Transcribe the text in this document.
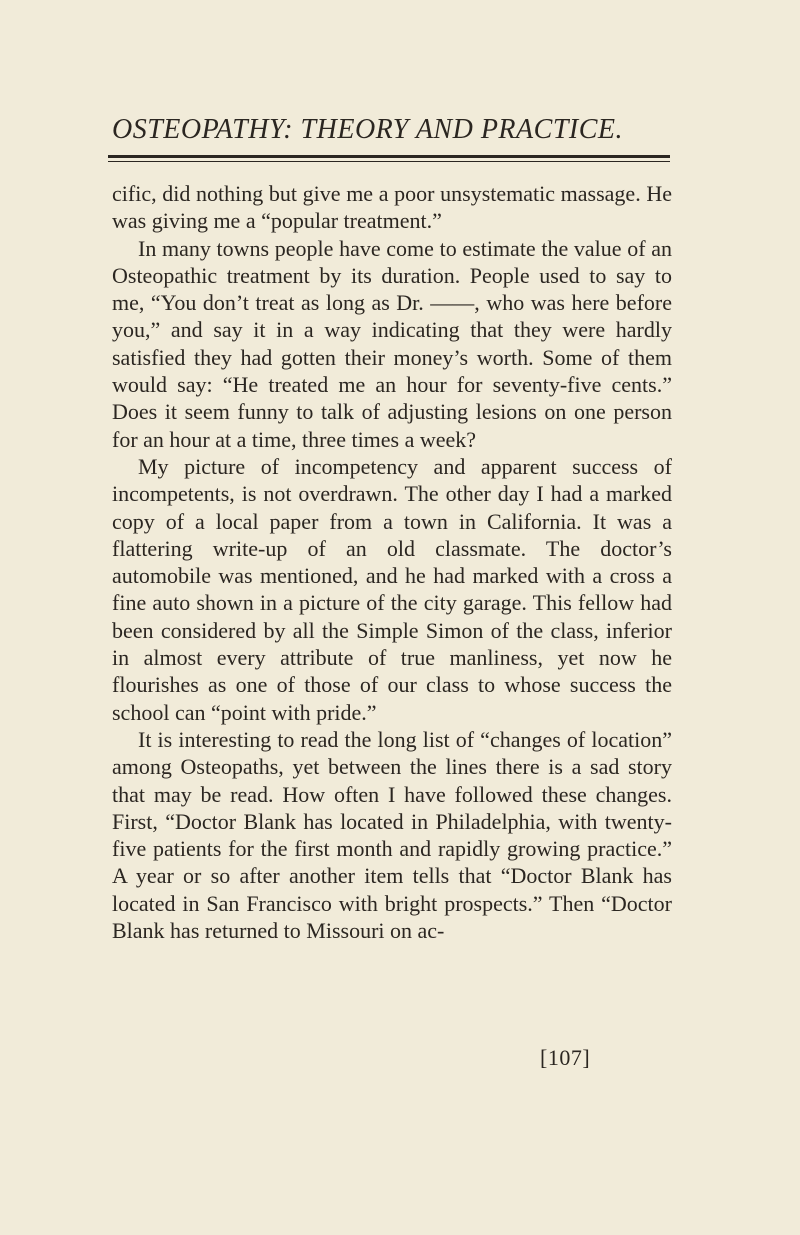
OSTEOPATHY: THEORY AND PRACTICE.

cific, did nothing but give me a poor unsystematic massage. He was giving me a “popular treatment.”

In many towns people have come to estimate the value of an Osteopathic treatment by its duration. People used to say to me, “You don’t treat as long as Dr. ——, who was here before you,” and say it in a way indicating that they were hardly satisfied they had gotten their money’s worth. Some of them would say: “He treated me an hour for seventy-five cents.” Does it seem funny to talk of adjusting lesions on one person for an hour at a time, three times a week?

My picture of incompetency and apparent success of incompetents, is not overdrawn. The other day I had a marked copy of a local paper from a town in California. It was a flattering write-up of an old classmate. The doctor’s automobile was mentioned, and he had marked with a cross a fine auto shown in a picture of the city garage. This fellow had been considered by all the Simple Simon of the class, inferior in almost every attribute of true manliness, yet now he flourishes as one of those of our class to whose success the school can “point with pride.”

It is interesting to read the long list of “changes of location” among Osteopaths, yet between the lines there is a sad story that may be read. How often I have followed these changes. First, “Doctor Blank has located in Philadelphia, with twenty-five patients for the first month and rapidly growing practice.” A year or so after another item tells that “Doctor Blank has located in San Francisco with bright prospects.” Then “Doctor Blank has returned to Missouri on ac-

[107]
